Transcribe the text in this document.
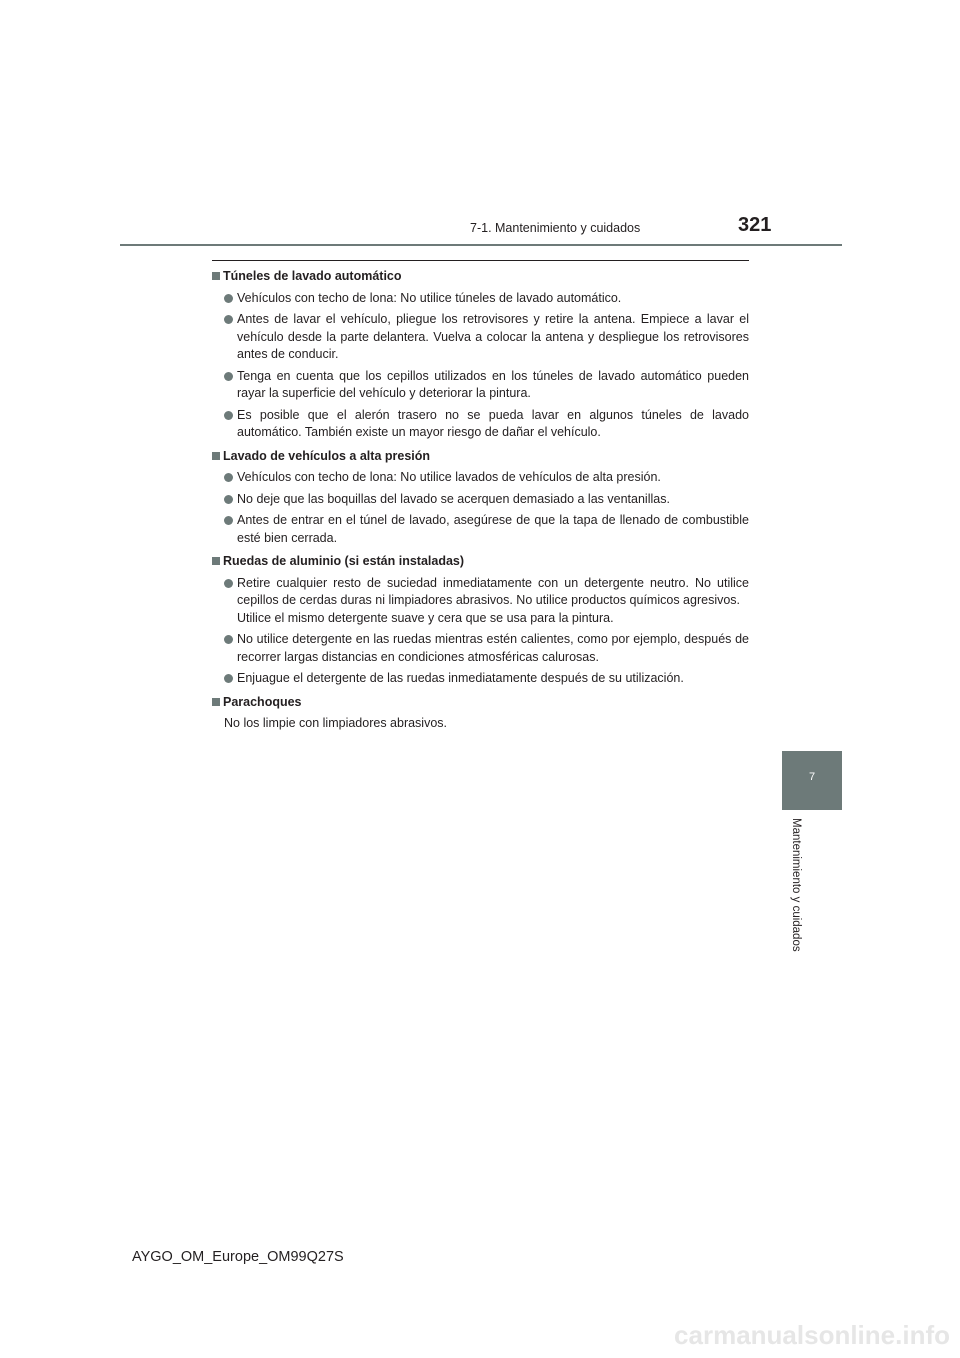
7-1. Mantenimiento y cuidados	321
Túneles de lavado automático
Vehículos con techo de lona: No utilice túneles de lavado automático.
Antes de lavar el vehículo, pliegue los retrovisores y retire la antena. Empiece a lavar el vehículo desde la parte delantera. Vuelva a colocar la antena y despliegue los retrovisores antes de conducir.
Tenga en cuenta que los cepillos utilizados en los túneles de lavado automático pueden rayar la superficie del vehículo y deteriorar la pintura.
Es posible que el alerón trasero no se pueda lavar en algunos túneles de lavado automático. También existe un mayor riesgo de dañar el vehículo.
Lavado de vehículos a alta presión
Vehículos con techo de lona: No utilice lavados de vehículos de alta presión.
No deje que las boquillas del lavado se acerquen demasiado a las ventanillas.
Antes de entrar en el túnel de lavado, asegúrese de que la tapa de llenado de combustible esté bien cerrada.
Ruedas de aluminio (si están instaladas)
Retire cualquier resto de suciedad inmediatamente con un detergente neutro. No utilice cepillos de cerdas duras ni limpiadores abrasivos. No utilice productos químicos agresivos.
Utilice el mismo detergente suave y cera que se usa para la pintura.
No utilice detergente en las ruedas mientras estén calientes, como por ejemplo, después de recorrer largas distancias en condiciones atmosféricas calurosas.
Enjuague el detergente de las ruedas inmediatamente después de su utilización.
Parachoques
No los limpie con limpiadores abrasivos.
7
Mantenimiento y cuidados
AYGO_OM_Europe_OM99Q27S
carmanualsonline.info
